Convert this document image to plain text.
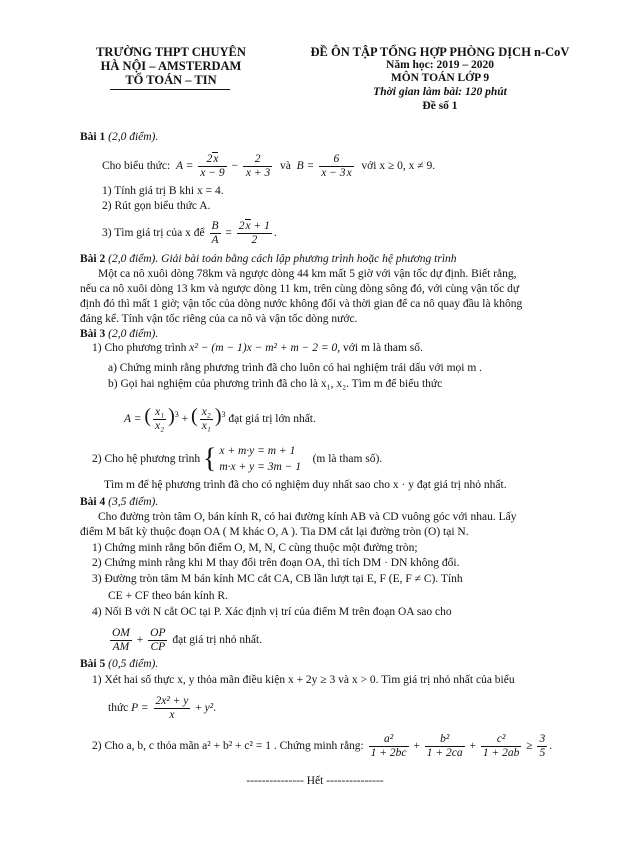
TRƯỜNG THPT CHUYÊN
HÀ NỘI – AMSTERDAM
TỔ TOÁN – TIN
ĐỀ ÔN TẬP TỔNG HỢP PHÒNG DỊCH n-CoV
Năm học: 2019 – 2020
MÔN TOÁN LỚP 9
Thời gian làm bài: 120 phút
Đề số 1
Bài 1 (2,0 điểm).
Cho biểu thức:  $A = \frac{2x}{x - 9} - \frac{2}{x + 3}$ và $B = \frac{6}{x - 3x}$ với x ≥ 0, x ≠ 9.
1) Tính giá trị B khi x = 4.
2) Rút gọn biểu thức A.
3) Tìm giá trị của x để $\frac{B}{A} = \frac{2x + 1}{2}$ .
Bài 2 (2,0 điểm). Giải bài toán bằng cách lập phương trình hoặc hệ phương trình
Một ca nô xuôi dòng 78km và ngược dòng 44 km mất 5 giờ với vận tốc dự định. Biết rằng,
nếu ca nô xuôi dòng 13 km và ngược dòng 11 km, trên cùng dòng sông đó, với cùng vận tốc dự
định đó thì mất 1 giờ; vận tốc của dòng nước không đổi và thời gian để ca nô quay đầu là không
đáng kể. Tính vận tốc riêng của ca nô và vận tốc dòng nước.
Bài 3 (2,0 điểm).
1) Cho phương trình x² − (m − 1)x − m² + m − 2 = 0, với m là tham số.
a) Chứng minh rằng phương trình đã cho luôn có hai nghiệm trái dấu với mọi m .
b) Gọi hai nghiệm của phương trình đã cho là x₁, x₂. Tìm m để biểu thức
A = ( $\frac{\text{x₁}}{\text{x₂}} )^3$ + ( $\frac{\text{x₂}}{\text{x₁}} )^3$ đạt giá trị lớn nhất.
2) Cho hệ phương trình { x + m·y = m + 1
m·x + y = 3m − 1
(m là tham số).
Tìm m để hệ phương trình đã cho có nghiệm duy nhất sao cho x · y đạt giá trị nhỏ nhất.
Bài 4 (3,5 điểm).
Cho đường tròn tâm O, bán kính R, có hai đường kính AB và CD vuông góc với nhau. Lấy
điểm M bất kỳ thuộc đoạn OA ( M khác O, A ). Tia DM cắt lại đường tròn (O) tại N.
1) Chứng minh rằng bốn điểm O, M, N, C cùng thuộc một đường tròn;
2) Chứng minh rằng khi M thay đổi trên đoạn OA, thì tích DM · DN không đổi.
3) Đường tròn tâm M bán kính MC cắt CA, CB lần lượt tại E, F (E, F ≠ C). Tính
CE + CF theo bán kính R.
4) Nối B với N cắt OC tại P. Xác định vị trí của điểm M trên đoạn OA sao cho
$\frac{OM}{AM} + \frac{OP}{CP}$ đạt giá trị nhỏ nhất.
Bài 5 (0,5 điểm).
1) Xét hai số thực x, y thỏa mãn điều kiện x + 2y ≥ 3 và x > 0. Tìm giá trị nhỏ nhất của biểu
thức $P = \frac{\text{2x² + y}}{x} + y^2$.
2) Cho a, b, c thỏa mãn a² + b² + c² = 1 . Chứng minh rằng: $\frac{\text{a²}}{1 + 2bc} + \frac{\text{b²}}{1 + 2ca} + \frac{\text{c²}}{1 + 2ab} \ge \frac{3}{5}$ .
--------------- Hết ---------------
